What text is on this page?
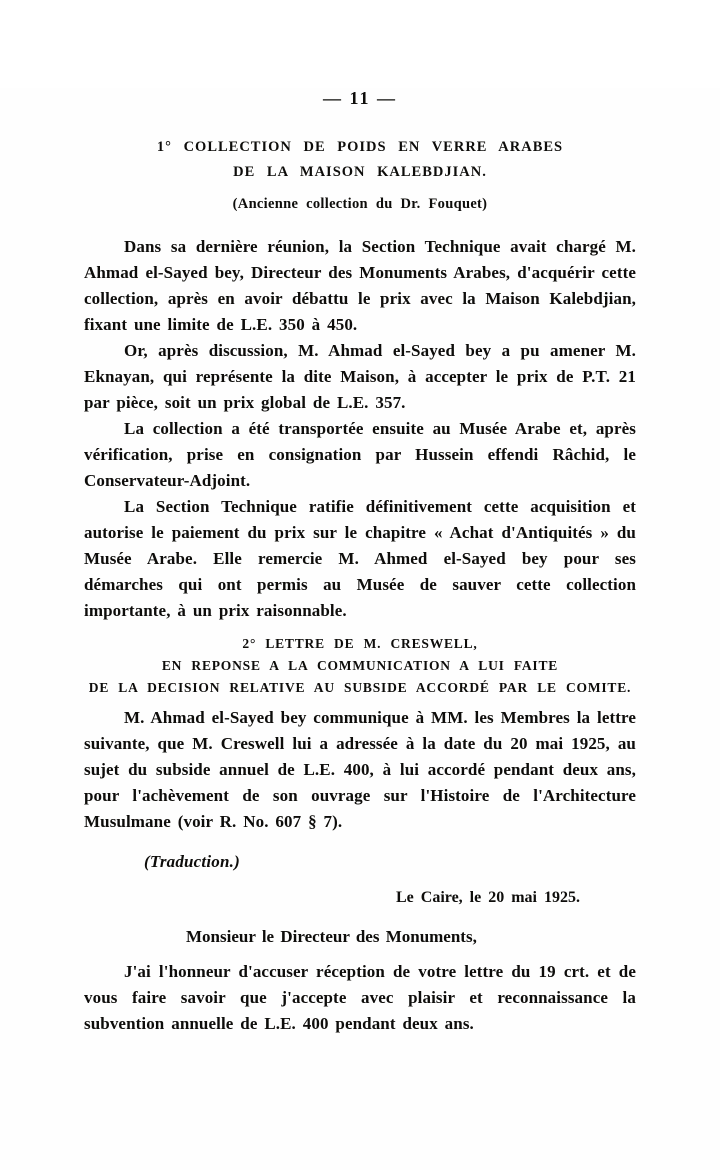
— 11 —
1° COLLECTION DE POIDS EN VERRE ARABES
DE LA MAISON KALEBDJIAN.
(Ancienne collection du Dr. Fouquet)

Dans sa dernière réunion, la Section Technique avait chargé M. Ahmad el-Sayed bey, Directeur des Monuments Arabes, d'acquérir cette collection, après en avoir débattu le prix avec la Maison Kalebdjian, fixant une limite de L.E. 350 à 450.

Or, après discussion, M. Ahmad el-Sayed bey a pu amener M. Eknayan, qui représente la dite Maison, à accepter le prix de P.T. 21 par pièce, soit un prix global de L.E. 357.

La collection a été transportée ensuite au Musée Arabe et, après vérification, prise en consignation par Hussein effendi Râchid, le Conservateur-Adjoint.

La Section Technique ratifie définitivement cette acquisition et autorise le paiement du prix sur le chapitre « Achat d'Antiquités » du Musée Arabe. Elle remercie M. Ahmed el-Sayed bey pour ses démarches qui ont permis au Musée de sauver cette collection importante, à un prix raisonnable.

2° LETTRE DE M. CRESWELL,
EN REPONSE A LA COMMUNICATION A LUI FAITE
DE LA DECISION RELATIVE AU SUBSIDE ACCORDÉ PAR LE COMITE.

M. Ahmad el-Sayed bey communique à MM. les Membres la lettre suivante, que M. Creswell lui a adressée à la date du 20 mai 1925, au sujet du subside annuel de L.E. 400, à lui accordé pendant deux ans, pour l'achèvement de son ouvrage sur l'Histoire de l'Architecture Musulmane (voir R. No. 607 § 7).

(Traduction.)
Le Caire, le 20 mai 1925.
Monsieur le Directeur des Monuments,

J'ai l'honneur d'accuser réception de votre lettre du 19 crt. et de vous faire savoir que j'accepte avec plaisir et reconnaissance la subvention annuelle de L.E. 400 pendant deux ans.
